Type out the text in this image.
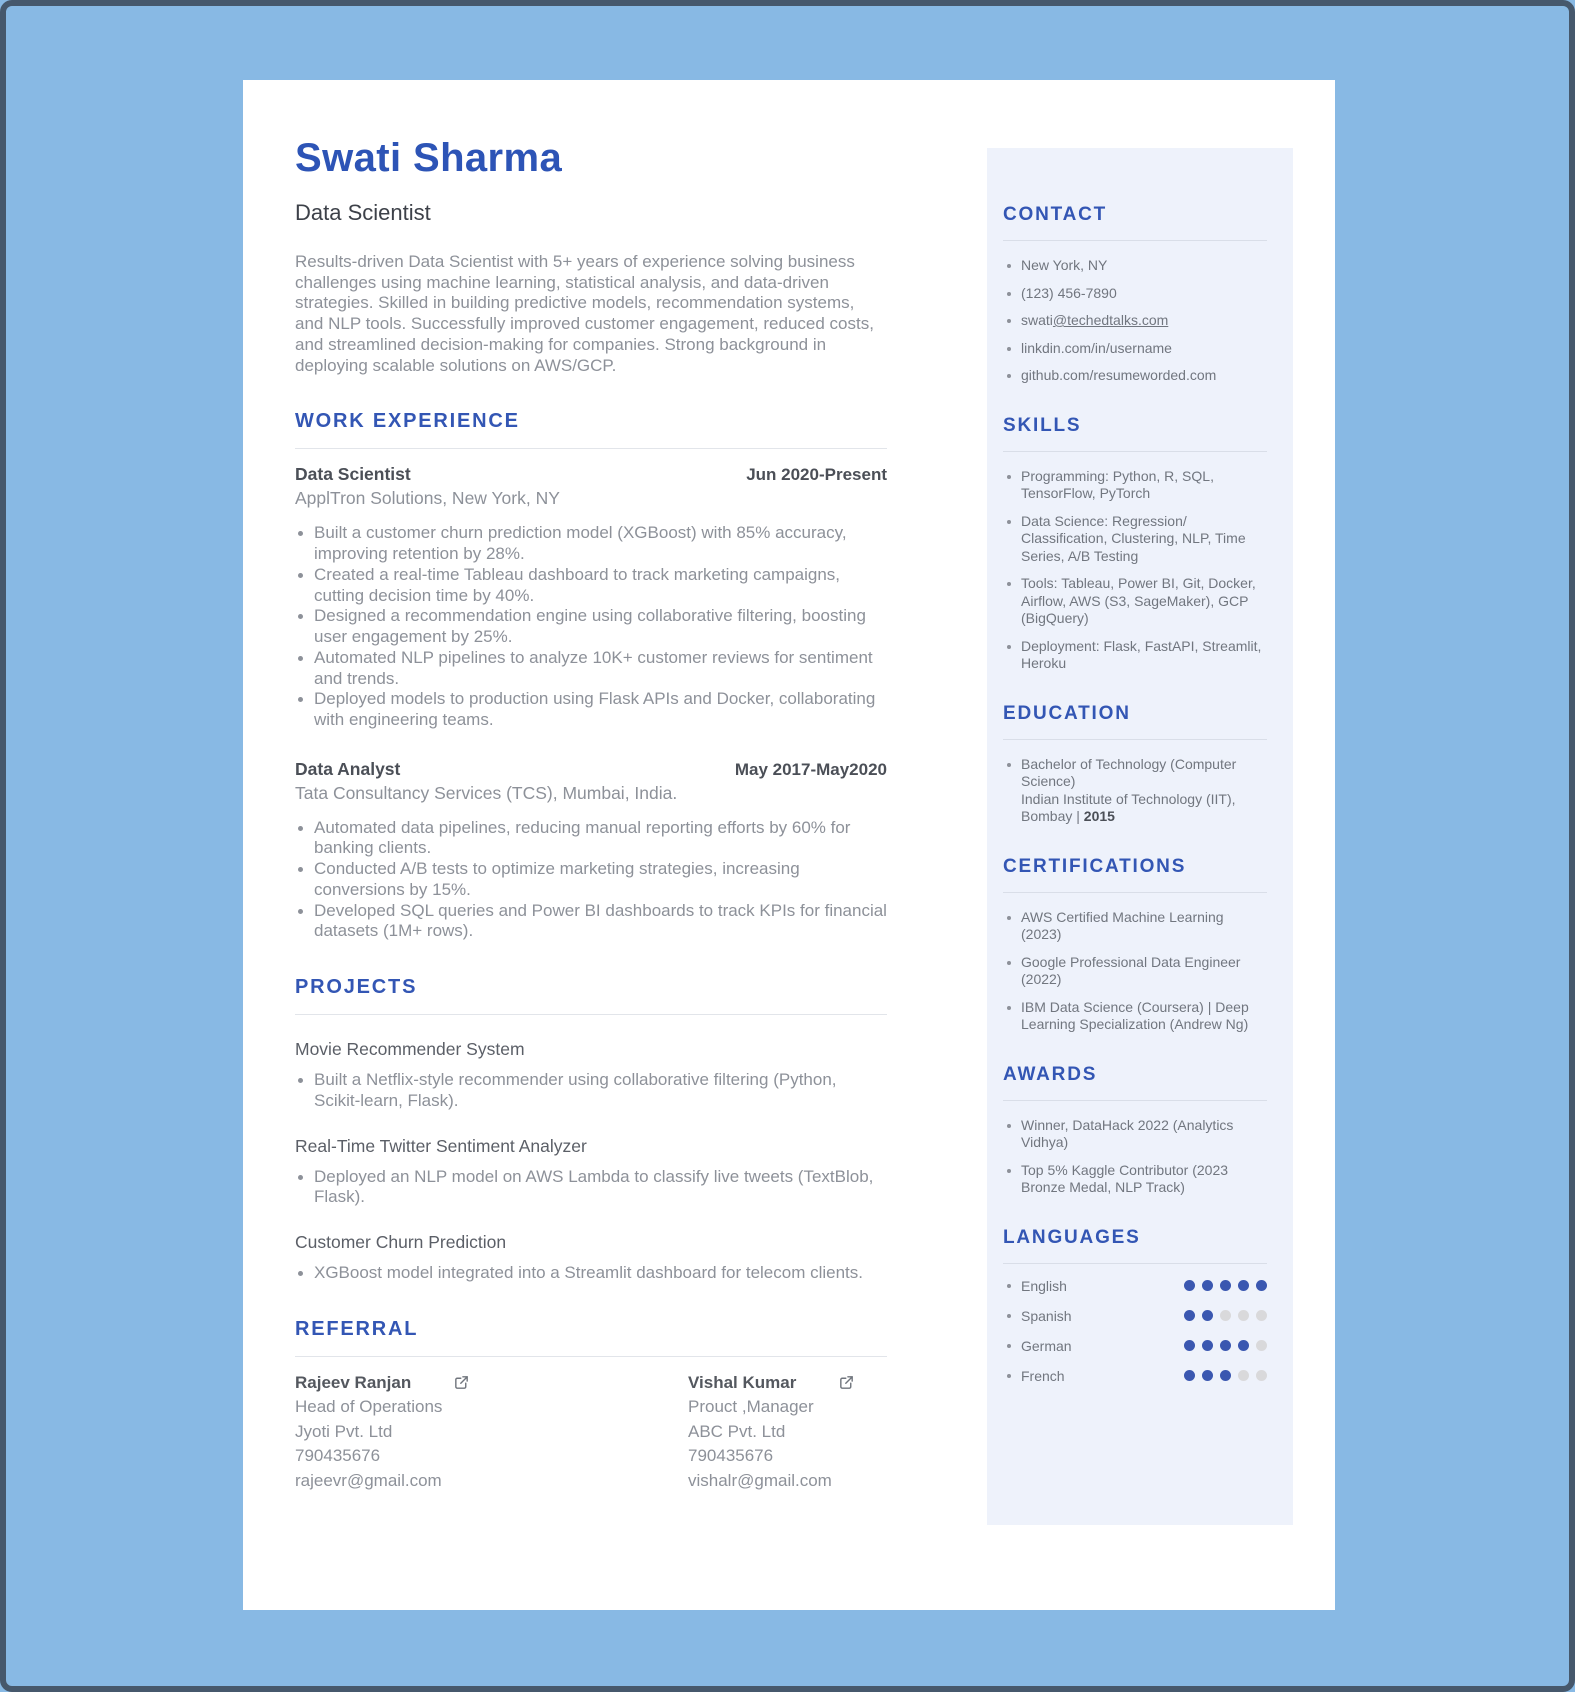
Swati Sharma
Data Scientist

Results-driven Data Scientist with 5+ years of experience solving business challenges using machine learning, statistical analysis, and data-driven strategies. Skilled in building predictive models, recommendation systems, and NLP tools. Successfully improved customer engagement, reduced costs, and streamlined decision-making for companies. Strong background in deploying scalable solutions on AWS/GCP.

WORK EXPERIENCE
Data Scientist	Jun 2020-Present
ApplTron Solutions, New York, NY
Built a customer churn prediction model (XGBoost) with 85% accuracy, improving retention by 28%.
Created a real-time Tableau dashboard to track marketing campaigns, cutting decision time by 40%.
Designed a recommendation engine using collaborative filtering, boosting user engagement by 25%.
Automated NLP pipelines to analyze 10K+ customer reviews for sentiment and trends.
Deployed models to production using Flask APIs and Docker, collaborating with engineering teams.
Data Analyst	May 2017-May2020
Tata Consultancy Services (TCS), Mumbai, India.
Automated data pipelines, reducing manual reporting efforts by 60% for banking clients.
Conducted A/B tests to optimize marketing strategies, increasing conversions by 15%.
Developed SQL queries and Power BI dashboards to track KPIs for financial datasets (1M+ rows).
PROJECTS
Movie Recommender System
Built a Netflix-style recommender using collaborative filtering (Python, Scikit-learn, Flask).
Real-Time Twitter Sentiment Analyzer
Deployed an NLP model on AWS Lambda to classify live tweets (TextBlob, Flask).
Customer Churn Prediction
XGBoost model integrated into a Streamlit dashboard for telecom clients.
REFERRAL
Rajeev Ranjan
Head of Operations
Jyoti Pvt. Ltd
790435676
rajeevr@gmail.com
Vishal Kumar
Prouct ,Manager
ABC Pvt. Ltd
790435676
vishalr@gmail.com
CONTACT
New York, NY
(123) 456-7890
swati@techedtalks.com
linkdin.com/in/username
github.com/resumeworded.com
SKILLS
Programming: Python, R, SQL, TensorFlow, PyTorch
Data Science: Regression/ Classification, Clustering, NLP, Time Series, A/B Testing
Tools: Tableau, Power BI, Git, Docker, Airflow, AWS (S3, SageMaker), GCP (BigQuery)
Deployment: Flask, FastAPI, Streamlit, Heroku
EDUCATION
Bachelor of Technology (Computer Science)
Indian Institute of Technology (IIT), Bombay | 2015
CERTIFICATIONS
AWS Certified Machine Learning (2023)
Google Professional Data Engineer (2022)
IBM Data Science (Coursera) | Deep Learning Specialization (Andrew Ng)
AWARDS
Winner, DataHack 2022 (Analytics Vidhya)
Top 5% Kaggle Contributor (2023 Bronze Medal, NLP Track)
LANGUAGES
English
Spanish
German
French
